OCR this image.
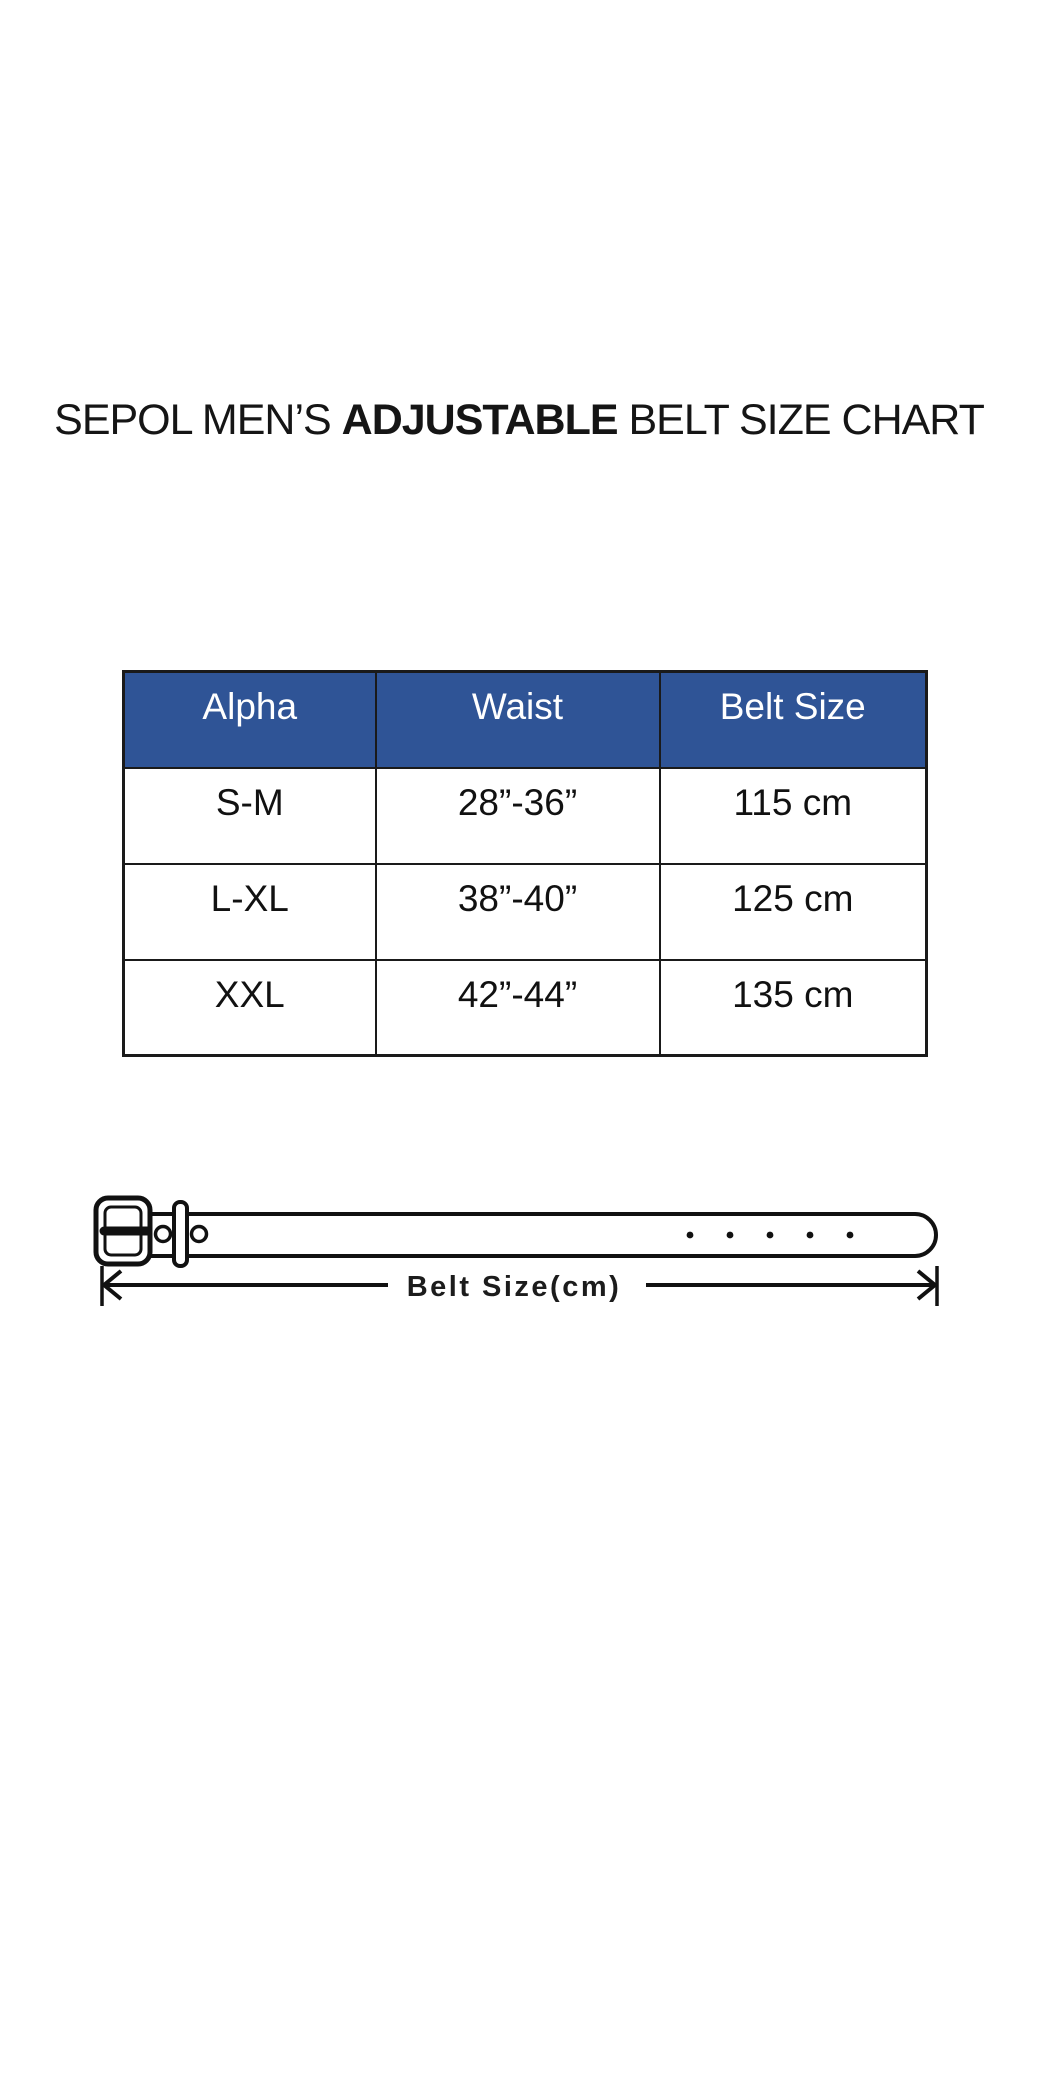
SEPOL MEN’S ADJUSTABLE BELT SIZE CHART
Alpha	Waist	Belt Size
S-M	28”-36”	115 cm
L-XL	38”-40”	125 cm
XXL	42”-44”	135 cm
Belt Size(cm)
